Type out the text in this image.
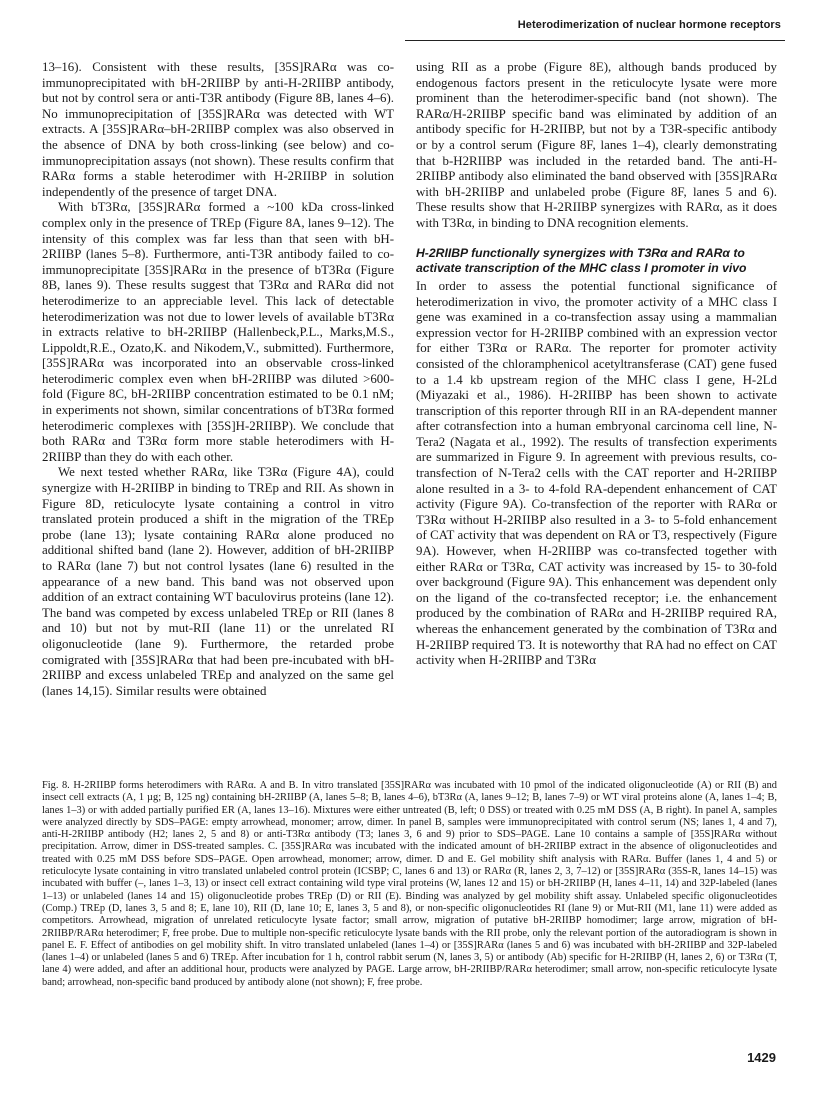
Heterodimerization of nuclear hormone receptors

13–16). Consistent with these results, [35S]RARα was co-immunoprecipitated with bH-2RIIBP by anti-H-2RIIBP antibody, but not by control sera or anti-T3R antibody (Figure 8B, lanes 4–6). No immunoprecipitation of [35S]RARα was detected with WT extracts. A [35S]RARα–bH-2RIIBP complex was also observed in the absence of DNA by both cross-linking (see below) and co-immunoprecipitation assays (not shown). These results confirm that RARα forms a stable heterodimer with H-2RIIBP in solution independently of the presence of target DNA.

With bT3Rα, [35S]RARα formed a ~100 kDa cross-linked complex only in the presence of TREp (Figure 8A, lanes 9–12). The intensity of this complex was far less than that seen with bH-2RIIBP (lanes 5–8). Furthermore, anti-T3R antibody failed to co-immunoprecipitate [35S]RARα in the presence of bT3Rα (Figure 8B, lanes 9). These results suggest that T3Rα and RARα did not heterodimerize to an appreciable level. This lack of detectable heterodimerization was not due to lower levels of available bT3Rα in extracts relative to bH-2RIIBP (Hallenbeck,P.L., Marks,M.S., Lippoldt,R.E., Ozato,K. and Nikodem,V., submitted). Furthermore, [35S]RARα was incorporated into an observable cross-linked heterodimeric complex even when bH-2RIIBP was diluted >600-fold (Figure 8C, bH-2RIIBP concentration estimated to be 0.1 nM; in experiments not shown, similar concentrations of bT3Rα formed heterodimeric complexes with [35S]H-2RIIBP). We conclude that both RARα and T3Rα form more stable heterodimers with H-2RIIBP than they do with each other.

We next tested whether RARα, like T3Rα (Figure 4A), could synergize with H-2RIIBP in binding to TREp and RII. As shown in Figure 8D, reticulocyte lysate containing a control in vitro translated protein produced a shift in the migration of the TREp probe (lane 13); lysate containing RARα alone produced no additional shifted band (lane 2). However, addition of bH-2RIIBP to RARα (lane 7) but not control lysates (lane 6) resulted in the appearance of a new band. This band was not observed upon addition of an extract containing WT baculovirus proteins (lane 12). The band was competed by excess unlabeled TREp or RII (lanes 8 and 10) but not by mut-RII (lane 11) or the unrelated RI oligonucleotide (lane 9). Furthermore, the retarded probe comigrated with [35S]RARα that had been pre-incubated with bH-2RIIBP and excess unlabeled TREp and analyzed on the same gel (lanes 14,15). Similar results were obtained

using RII as a probe (Figure 8E), although bands produced by endogenous factors present in the reticulocyte lysate were more prominent than the heterodimer-specific band (not shown). The RARα/H-2RIIBP specific band was eliminated by addition of an antibody specific for H-2RIIBP, but not by a T3R-specific antibody or by a control serum (Figure 8F, lanes 1–4), clearly demonstrating that b-H2RIIBP was included in the retarded band. The anti-H-2RIIBP antibody also eliminated the band observed with [35S]RARα with bH-2RIIBP and unlabeled probe (Figure 8F, lanes 5 and 6). These results show that H-2RIIBP synergizes with RARα, as it does with T3Rα, in binding to DNA recognition elements.

H-2RIIBP functionally synergizes with T3Rα and RARα to activate transcription of the MHC class I promoter in vivo

In order to assess the potential functional significance of heterodimerization in vivo, the promoter activity of a MHC class I gene was examined in a co-transfection assay using a mammalian expression vector for H-2RIIBP combined with an expression vector for either T3Rα or RARα. The reporter for promoter activity consisted of the chloramphenicol acetyltransferase (CAT) gene fused to a 1.4 kb upstream region of the MHC class I gene, H-2Ld (Miyazaki et al., 1986). H-2RIIBP has been shown to activate transcription of this reporter through RII in an RA-dependent manner after cotransfection into a human embryonal carcinoma cell line, N-Tera2 (Nagata et al., 1992). The results of transfection experiments are summarized in Figure 9. In agreement with previous results, co-transfection of N-Tera2 cells with the CAT reporter and H-2RIIBP alone resulted in a 3- to 4-fold RA-dependent enhancement of CAT activity (Figure 9A). Co-transfection of the reporter with RARα or T3Rα without H-2RIIBP also resulted in a 3- to 5-fold enhancement of CAT activity that was dependent on RA or T3, respectively (Figure 9A). However, when H-2RIIBP was co-transfected together with either RARα or T3Rα, CAT activity was increased by 15- to 30-fold over background (Figure 9A). This enhancement was dependent only on the ligand of the co-transfected receptor; i.e. the enhancement produced by the combination of RARα and H-2RIIBP required RA, whereas the enhancement generated by the combination of T3Rα and H-2RIIBP required T3. It is noteworthy that RA had no effect on CAT activity when H-2RIIBP and T3Rα

Fig. 8. H-2RIIBP forms heterodimers with RARα. A and B. In vitro translated [35S]RARα was incubated with 10 pmol of the indicated oligonucleotide (A) or RII (B) and insect cell extracts (A, 1 µg; B, 125 ng) containing bH-2RIIBP (A, lanes 5–8; B, lanes 4–6), bT3Rα (A, lanes 9–12; B, lanes 7–9) or WT viral proteins alone (A, lanes 1–4; B, lanes 1–3) or with added partially purified ER (A, lanes 13–16). Mixtures were either untreated (B, left; 0 DSS) or treated with 0.25 mM DSS (A, B right). In panel A, samples were analyzed directly by SDS–PAGE: empty arrowhead, monomer; arrow, dimer. In panel B, samples were immunoprecipitated with control serum (NS; lanes 1, 4 and 7), anti-H-2RIIBP antibody (H2; lanes 2, 5 and 8) or anti-T3Rα antibody (T3; lanes 3, 6 and 9) prior to SDS–PAGE. Lane 10 contains a sample of [35S]RARα without precipitation. Arrow, dimer in DSS-treated samples. C. [35S]RARα was incubated with the indicated amount of bH-2RIIBP extract in the absence of oligonucleotides and treated with 0.25 mM DSS before SDS–PAGE. Open arrowhead, monomer; arrow, dimer. D and E. Gel mobility shift analysis with RARα. Buffer (lanes 1, 4 and 5) or reticulocyte lysate containing in vitro translated unlabeled control protein (ICSBP; C, lanes 6 and 13) or RARα (R, lanes 2, 3, 7–12) or [35S]RARα (35S-R, lanes 14–15) was incubated with buffer (–, lanes 1–3, 13) or insect cell extract containing wild type viral proteins (W, lanes 12 and 15) or bH-2RIIBP (H, lanes 4–11, 14) and 32P-labeled (lanes 1–13) or unlabeled (lanes 14 and 15) oligonucleotide probes TREp (D) or RII (E). Binding was analyzed by gel mobility shift assay. Unlabeled specific oligonucleotides (Comp.) TREp (D, lanes 3, 5 and 8; E, lane 10), RII (D, lane 10; E, lanes 3, 5 and 8), or non-specific oligonucleotides RI (lane 9) or Mut-RII (M1, lane 11) were added as competitors. Arrowhead, migration of unrelated reticulocyte lysate factor; small arrow, migration of putative bH-2RIIBP homodimer; large arrow, migration of bH-2RIIBP/RARα heterodimer; F, free probe. Due to multiple non-specific reticulocyte lysate bands with the RII probe, only the relevant portion of the autoradiogram is shown in panel E. F. Effect of antibodies on gel mobility shift. In vitro translated unlabeled (lanes 1–4) or [35S]RARα (lanes 5 and 6) was incubated with bH-2RIIBP and 32P-labeled (lanes 1–4) or unlabeled (lanes 5 and 6) TREp. After incubation for 1 h, control rabbit serum (N, lanes 3, 5) or antibody (Ab) specific for H-2RIIBP (H, lanes 2, 6) or T3Rα (T, lane 4) were added, and after an additional hour, products were analyzed by PAGE. Large arrow, bH-2RIIBP/RARα heterodimer; small arrow, non-specific reticulocyte lysate band; arrowhead, non-specific band produced by antibody alone (not shown); F, free probe.
1429
